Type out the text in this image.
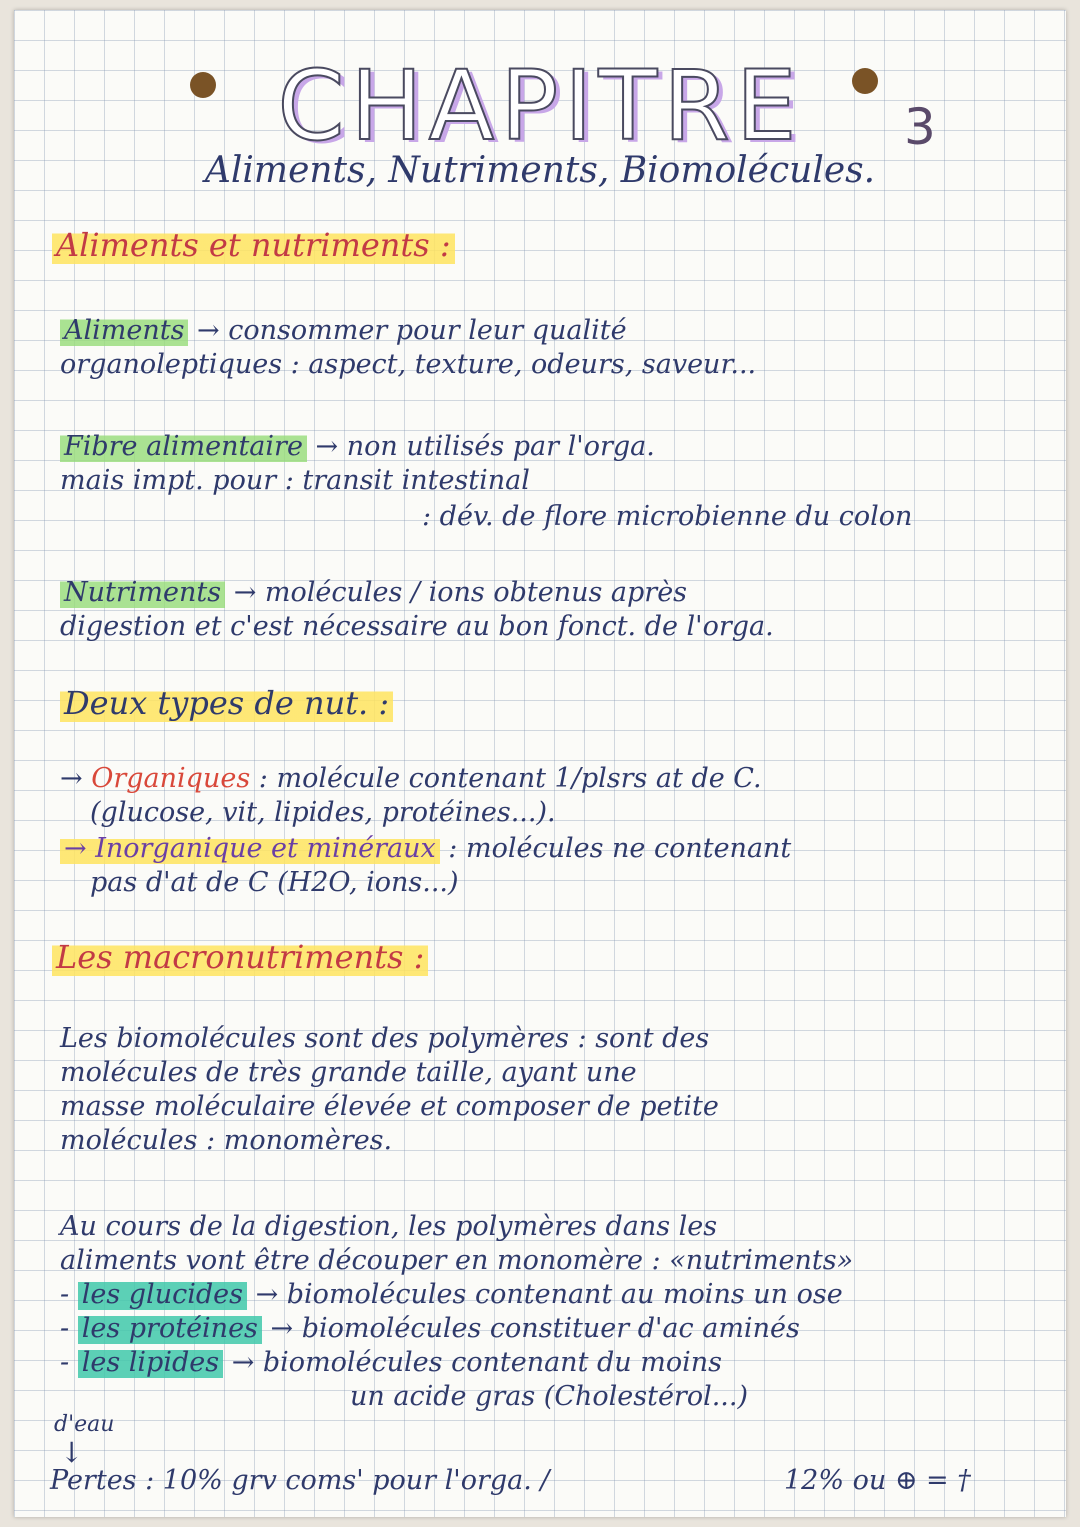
CHAPITRE	3
Aliments, Nutriments, Biomolécules.
Aliments et nutriments :
Aliments → consommer pour leur qualité
organoleptiques : aspect, texture, odeurs, saveur...
Fibre alimentaire → non utilisés par l'orga.
mais impt. pour : transit intestinal
: dév. de flore microbienne du colon
Nutriments → molécules / ions obtenus après
digestion et c'est nécessaire au bon fonct. de l'orga.
Deux types de nut. :
→ Organiques : molécule contenant 1/plsrs at de C.
(glucose, vit, lipides, protéines...).
→ Inorganique et minéraux : molécules ne contenant
pas d'at de C (H2O, ions...)
Les macronutriments :
Les biomolécules sont des polymères : sont des
molécules de très grande taille, ayant une
masse moléculaire élevée et composer de petite
molécules : monomères.
Au cours de la digestion, les polymères dans les
aliments vont être découper en monomère : «nutriments»
- les glucides → biomolécules contenant au moins un ose
- les protéines → biomolécules constituer d'ac aminés
- les lipides → biomolécules contenant du moins
un acide gras (Cholestérol...)
d'eau
↓
Pertes : 10% grv coms' pour l'orga. /	12% ou ⊕ = †
